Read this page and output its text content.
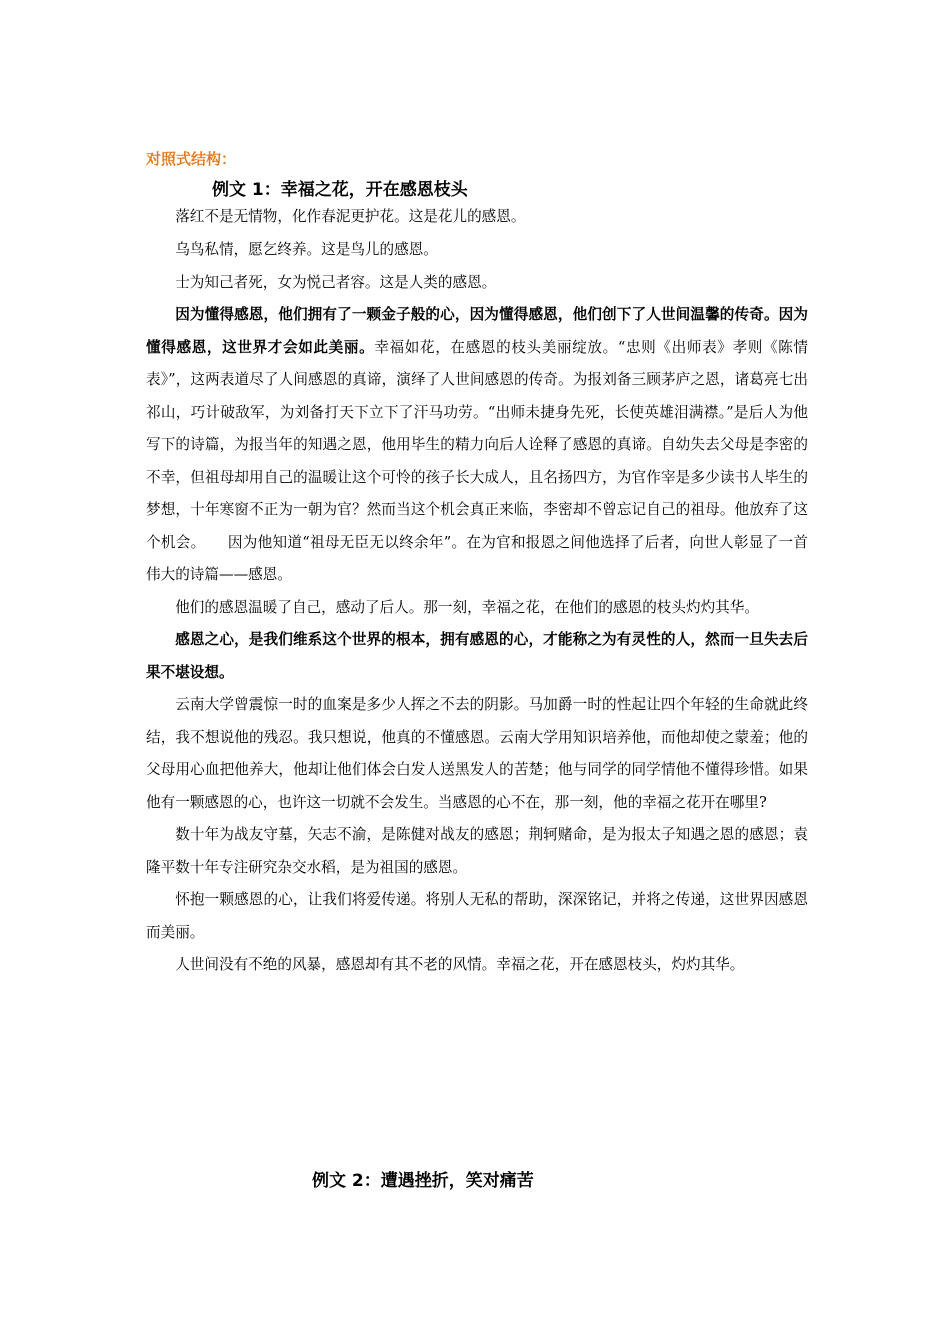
对照式结构：
例文 1：幸福之花，开在感恩枝头

落红不是无情物，化作春泥更护花。这是花儿的感恩。

乌鸟私情，愿乞终养。这是鸟儿的感恩。

士为知己者死，女为悦己者容。这是人类的感恩。

因为懂得感恩，他们拥有了一颗金子般的心，因为懂得感恩，他们创下了人世间温馨的传奇。因为懂得感恩，这世界才会如此美丽。幸福如花，在感恩的枝头美丽绽放。“忠则《出师表》孝则《陈情表》”，这两表道尽了人间感恩的真谛，演绎了人世间感恩的传奇。为报刘备三顾茅庐之恩，诸葛亮七出祁山，巧计破敌军，为刘备打天下立下了汗马功劳。“出师未捷身先死，长使英雄泪满襟。”是后人为他写下的诗篇，为报当年的知遇之恩，他用毕生的精力向后人诠释了感恩的真谛。自幼失去父母是李密的不幸，但祖母却用自己的温暖让这个可怜的孩子长大成人，且名扬四方，为官作宰是多少读书人毕生的梦想，十年寒窗不正为一朝为官？然而当这个机会真正来临，李密却不曾忘记自己的祖母。他放弃了这个机会。　　因为他知道“祖母无臣无以终余年”。在为官和报恩之间他选择了后者，向世人彰显了一首伟大的诗篇——感恩。

他们的感恩温暖了自己，感动了后人。那一刻，幸福之花，在他们的感恩的枝头灼灼其华。

感恩之心，是我们维系这个世界的根本，拥有感恩的心，才能称之为有灵性的人，然而一旦失去后果不堪设想。

云南大学曾震惊一时的血案是多少人挥之不去的阴影。马加爵一时的性起让四个年轻的生命就此终结，我不想说他的残忍。我只想说，他真的不懂感恩。云南大学用知识培养他，而他却使之蒙羞；他的父母用心血把他养大，他却让他们体会白发人送黑发人的苦楚；他与同学的同学情他不懂得珍惜。如果他有一颗感恩的心，也许这一切就不会发生。当感恩的心不在，那一刻，他的幸福之花开在哪里?

数十年为战友守墓，矢志不渝，是陈健对战友的感恩；荆轲赌命，是为报太子知遇之恩的感恩；袁隆平数十年专注研究杂交水稻，是为祖国的感恩。

怀抱一颗感恩的心，让我们将爱传递。将别人无私的帮助，深深铭记，并将之传递，这世界因感恩而美丽。

人世间没有不绝的风暴，感恩却有其不老的风情。幸福之花，开在感恩枝头，灼灼其华。

例文 2：遭遇挫折，笑对痛苦
